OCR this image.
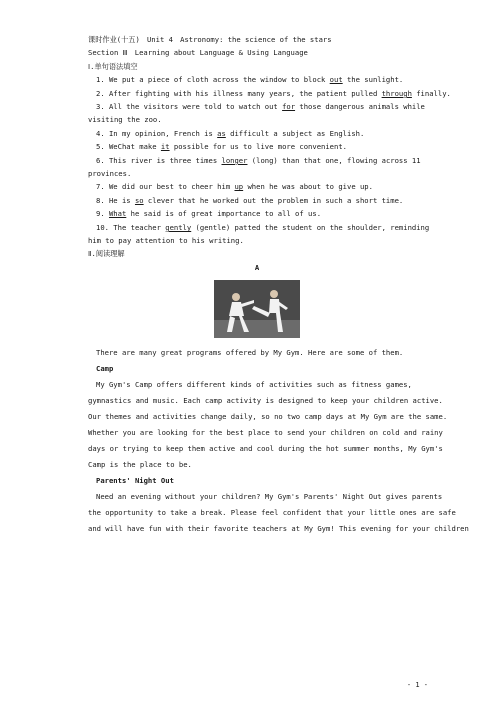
课时作业(十五)　Unit 4　Astronomy: the science of the stars
Section Ⅲ　Learning about Language & Using Language
Ⅰ.单句语法填空
1. We put a piece of cloth across the window to block out the sunlight.
2. After fighting with his illness many years, the patient pulled through finally.
3. All the visitors were told to watch out for those dangerous animals while
visiting the zoo.
4. In my opinion, French is as difficult a subject as English.
5. WeChat make it possible for us to live more convenient.
6. This river is three times longer (long) than that one, flowing across 11
provinces.
7. We did our best to cheer him up when he was about to give up.
8. He is so clever that he worked out the problem in such a short time.
9. What he said is of great importance to all of us.
10. The teacher gently (gentle) patted the student on the shoulder, reminding
him to pay attention to his writing.
Ⅱ.阅读理解
A
There are many great programs offered by My Gym. Here are some of them.
Camp
My Gym's Camp offers different kinds of activities such as fitness games,
gymnastics and music. Each camp activity is designed to keep your children active.
Our themes and activities change daily, so no two camp days at My Gym are the same.
Whether you are looking for the best place to send your children on cold and rainy
days or trying to keep them active and cool during the hot summer months, My Gym's
Camp is the place to be.
Parents' Night Out
Need an evening without your children? My Gym's Parents' Night Out gives parents
the opportunity to take a break. Please feel confident that your little ones are safe
and will have fun with their favorite teachers at My Gym! This evening for your children
- 1 -
